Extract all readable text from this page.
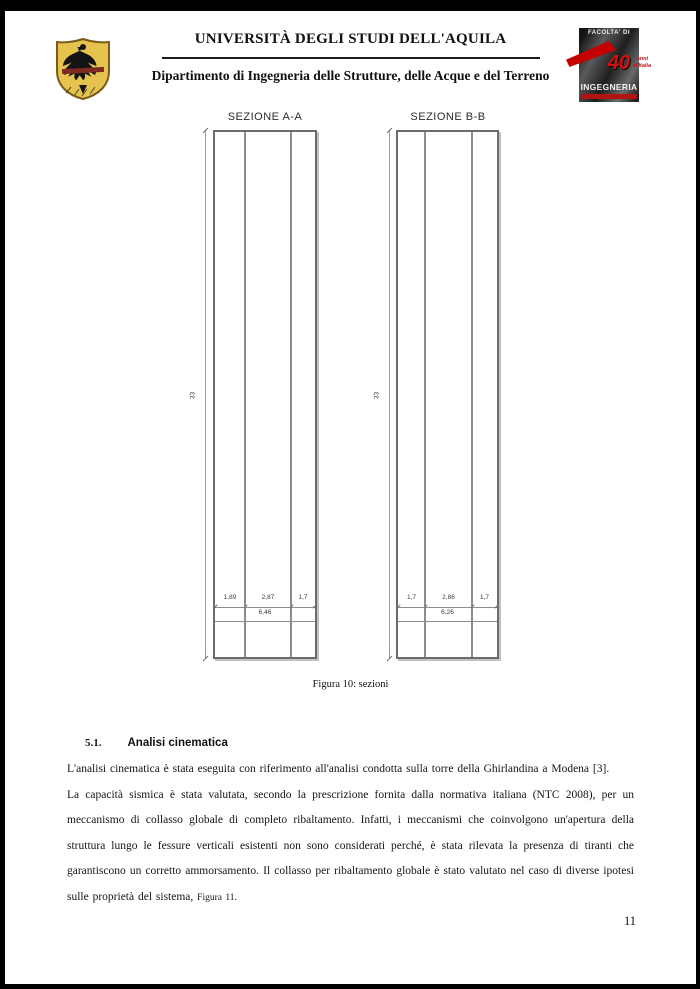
UNIVERSITÀ DEGLI STUDI DELL'AQUILA
Dipartimento di Ingegneria delle Strutture, delle Acque e del Terreno
FACOLTA' DI
40 anni
d'Italia
INGEGNERIA
SEZIONE A-A
33
1,89	2,87	1,7
6,46
SEZIONE B-B
33
1,7	2,86	1,7
6,26
Figura 10: sezioni
5.1. Analisi cinematica

L'analisi cinematica è stata eseguita con riferimento all'analisi condotta sulla torre della Ghirlandina a Modena [3].

La capacità sismica è stata valutata, secondo la prescrizione fornita dalla normativa italiana (NTC 2008), per un meccanismo di collasso globale di completo ribaltamento. Infatti, i meccanismi che coinvolgono un'apertura della struttura lungo le fessure verticali esistenti non sono considerati perché, è stata rilevata la presenza di tiranti che garantiscono un corretto ammorsamento. Il collasso per ribaltamento globale è stato valutato nel caso di diverse ipotesi sulle proprietà del sistema, Figura 11.

11
